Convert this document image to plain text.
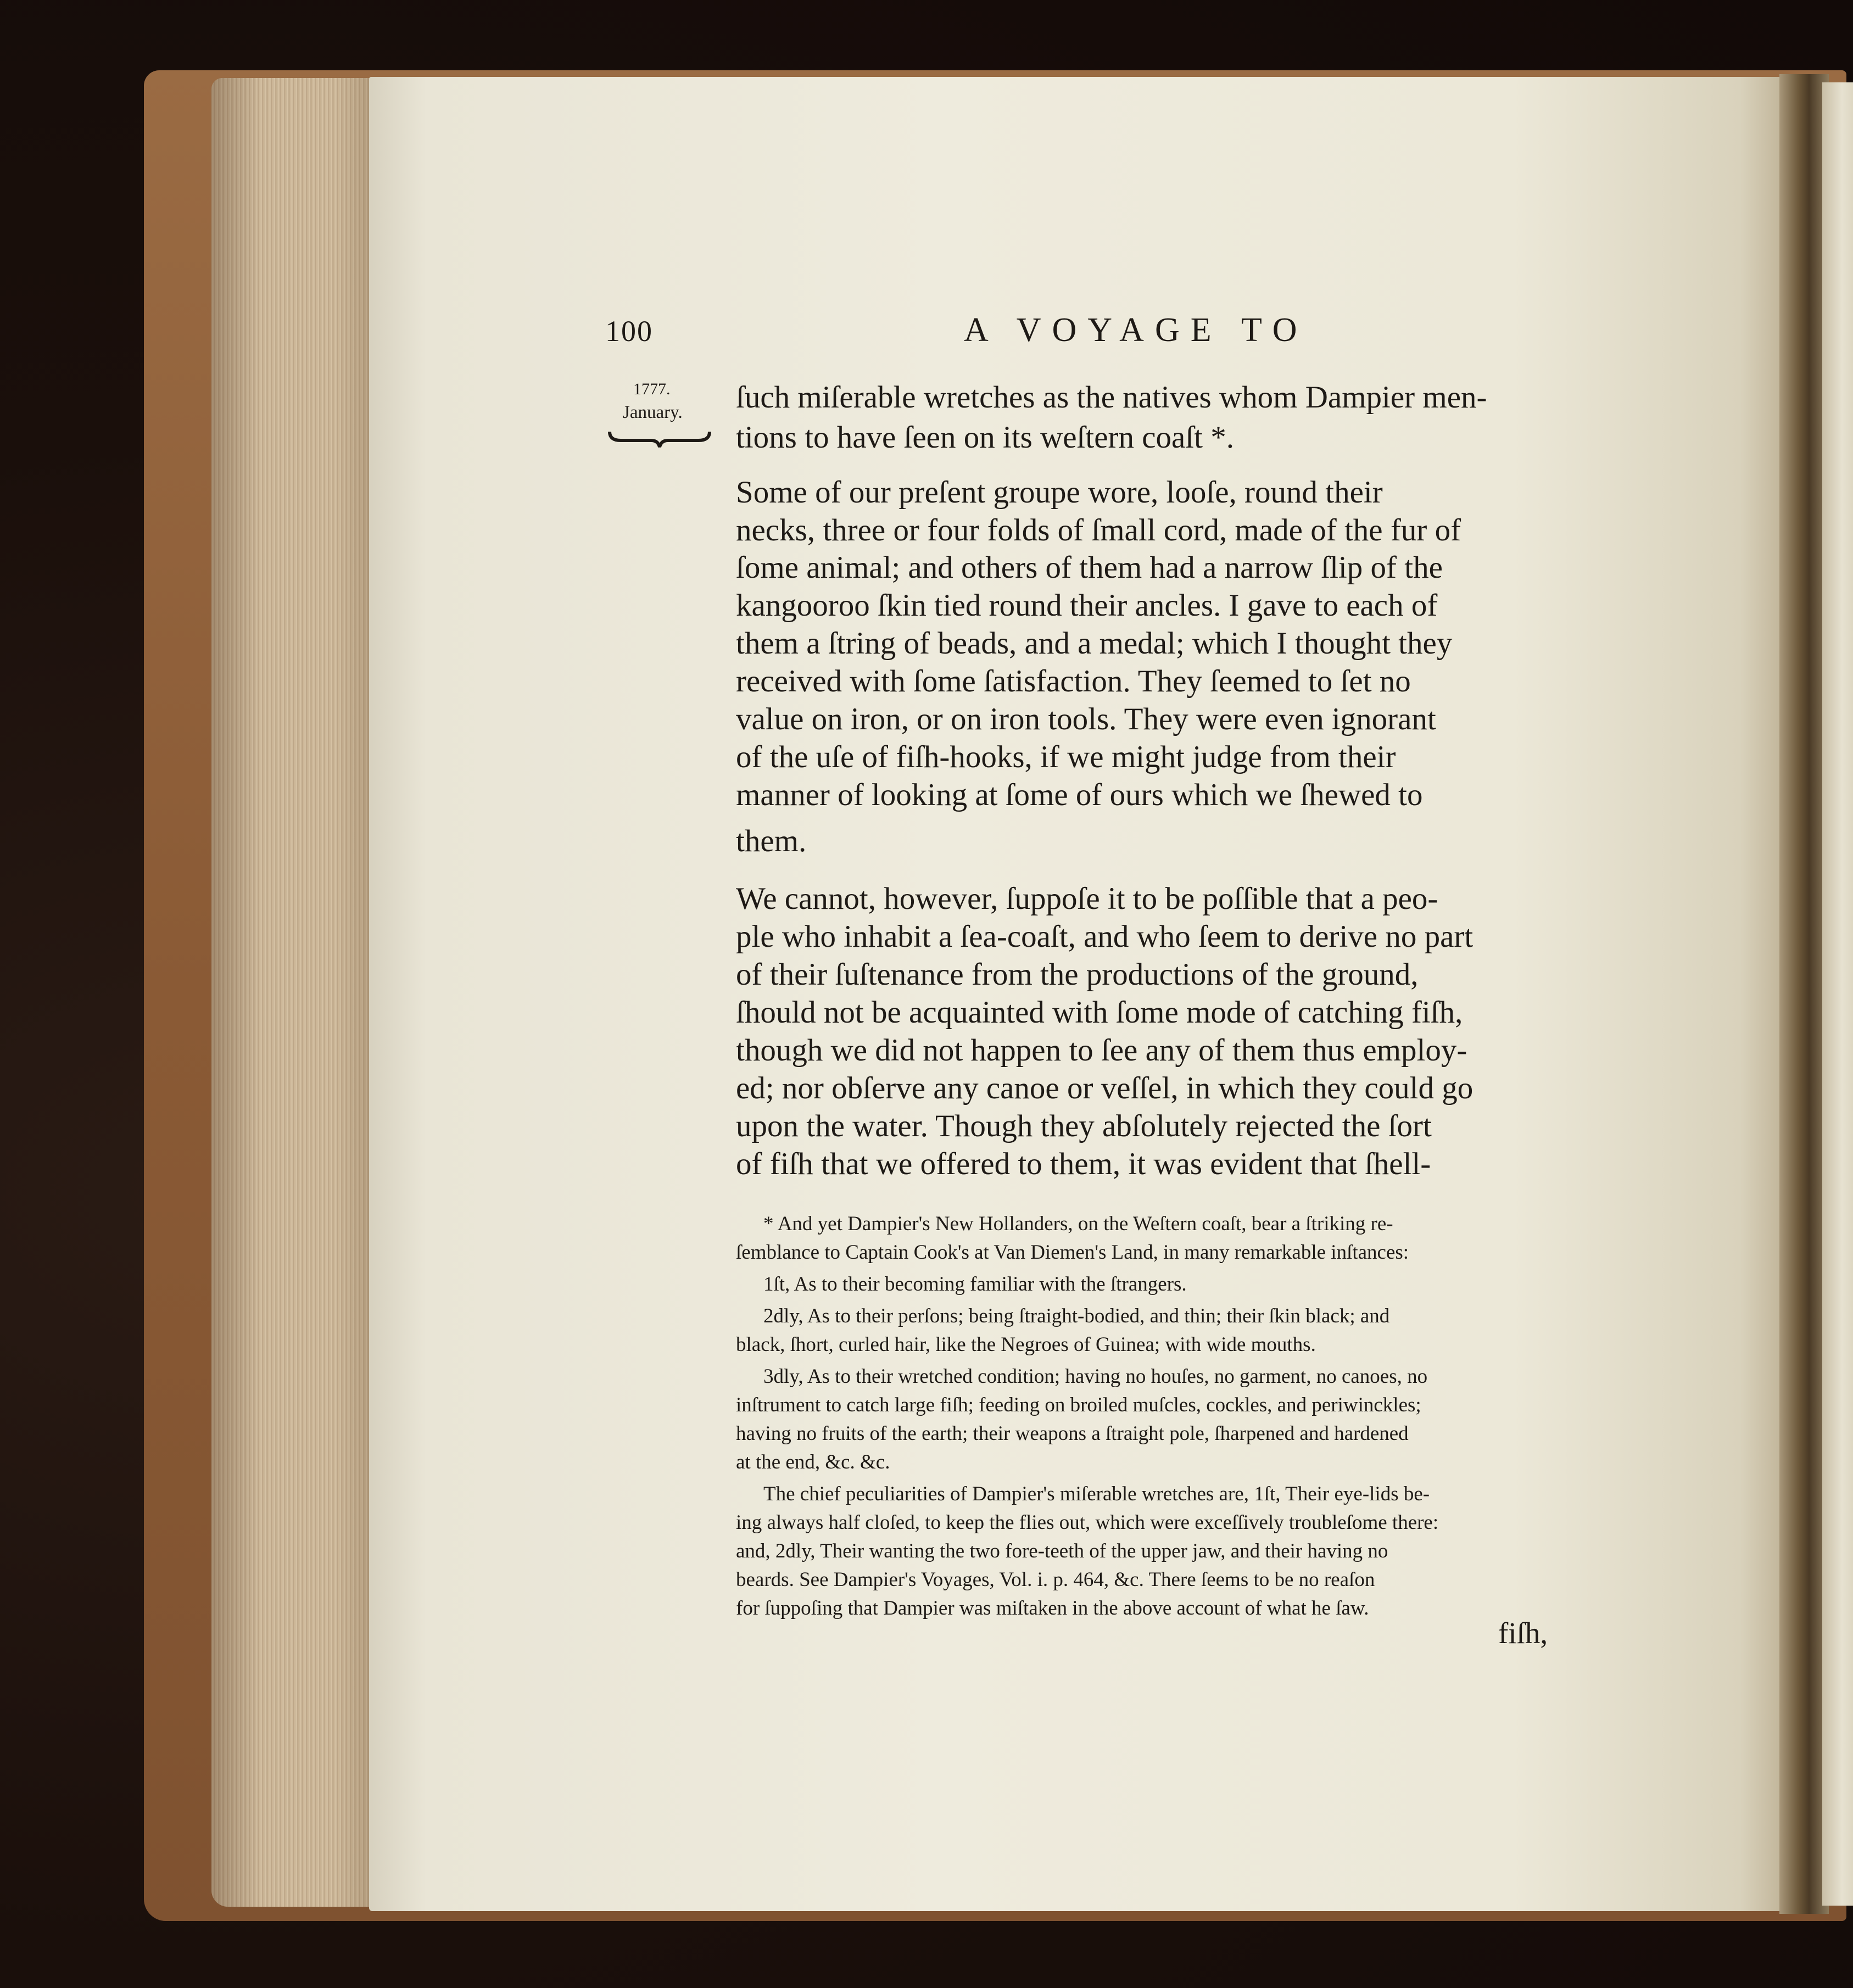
100	A VOYAGE TO

1777.

January. ſuch miſerable wretches as the natives whom Dampier men-

tions to have ſeen on its weſtern coaſt *.

Some of our preſent groupe wore, looſe, round their

necks, three or four folds of ſmall cord, made of the fur of

ſome animal; and others of them had a narrow ſlip of the

kangooroo ſkin tied round their ancles. I gave to each of

them a ſtring of beads, and a medal; which I thought they

received with ſome ſatisfaction. They ſeemed to ſet no

value on iron, or on iron tools. They were even ignorant

of the uſe of fiſh-hooks, if we might judge from their

manner of looking at ſome of ours which we ſhewed to

them.

We cannot, however, ſuppoſe it to be poſſible that a peo-

ple who inhabit a ſea-coaſt, and who ſeem to derive no part

of their ſuſtenance from the productions of the ground,

ſhould not be acquainted with ſome mode of catching fiſh,

though we did not happen to ſee any of them thus employ-

ed; nor obſerve any canoe or veſſel, in which they could go

upon the water. Though they abſolutely rejected the ſort

of fiſh that we offered to them, it was evident that ſhell-

* And yet Dampier's New Hollanders, on the Weſtern coaſt, bear a ſtriking re-

ſemblance to Captain Cook's at Van Diemen's Land, in many remarkable inſtances:

1ſt, As to their becoming familiar with the ſtrangers.

2dly, As to their perſons; being ſtraight-bodied, and thin; their ſkin black; and

black, ſhort, curled hair, like the Negroes of Guinea; with wide mouths.

3dly, As to their wretched condition; having no houſes, no garment, no canoes, no

inſtrument to catch large fiſh; feeding on broiled muſcles, cockles, and periwinckles;

having no fruits of the earth; their weapons a ſtraight pole, ſharpened and hardened

at the end, &c. &c.

The chief peculiarities of Dampier's miſerable wretches are, 1ſt, Their eye-lids be-

ing always half cloſed, to keep the flies out, which were exceſſively troubleſome there:

and, 2dly, Their wanting the two fore-teeth of the upper jaw, and their having no

beards. See Dampier's Voyages, Vol. i. p. 464, &c. There ſeems to be no reaſon

for ſuppoſing that Dampier was miſtaken in the above account of what he ſaw.

fiſh,
